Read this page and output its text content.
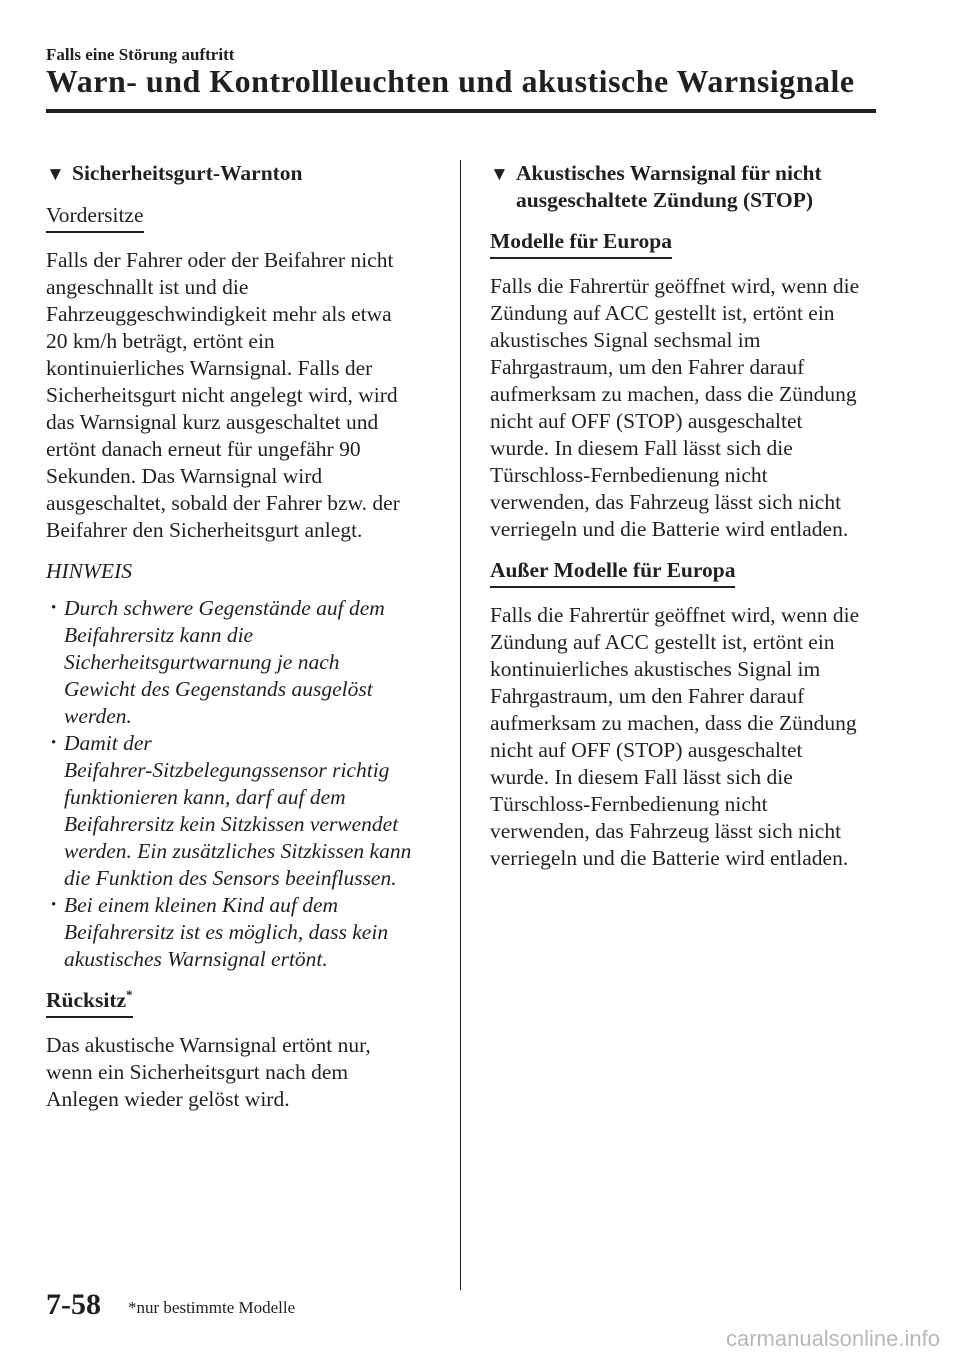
Falls eine Störung auftritt
Warn- und Kontrollleuchten und akustische Warnsignale
▼ Sicherheitsgurt-Warnton
Vordersitze
Falls der Fahrer oder der Beifahrer nicht
angeschnallt ist und die
Fahrzeuggeschwindigkeit mehr als etwa
20 km/h beträgt, ertönt ein
kontinuierliches Warnsignal. Falls der
Sicherheitsgurt nicht angelegt wird, wird
das Warnsignal kurz ausgeschaltet und
ertönt danach erneut für ungefähr 90
Sekunden. Das Warnsignal wird
ausgeschaltet, sobald der Fahrer bzw. der
Beifahrer den Sicherheitsgurt anlegt.
HINWEIS
• Durch schwere Gegenstände auf dem
Beifahrersitz kann die
Sicherheitsgurtwarnung je nach
Gewicht des Gegenstands ausgelöst
werden.
• Damit der
Beifahrer-Sitzbelegungssensor richtig
funktionieren kann, darf auf dem
Beifahrersitz kein Sitzkissen verwendet
werden. Ein zusätzliches Sitzkissen kann
die Funktion des Sensors beeinflussen.
• Bei einem kleinen Kind auf dem
Beifahrersitz ist es möglich, dass kein
akustisches Warnsignal ertönt.
Rücksitz*
Das akustische Warnsignal ertönt nur,
wenn ein Sicherheitsgurt nach dem
Anlegen wieder gelöst wird.
▼ Akustisches Warnsignal für nicht
ausgeschaltete Zündung (STOP)
Modelle für Europa
Falls die Fahrertür geöffnet wird, wenn die
Zündung auf ACC gestellt ist, ertönt ein
akustisches Signal sechsmal im
Fahrgastraum, um den Fahrer darauf
aufmerksam zu machen, dass die Zündung
nicht auf OFF (STOP) ausgeschaltet
wurde. In diesem Fall lässt sich die
Türschloss-Fernbedienung nicht
verwenden, das Fahrzeug lässt sich nicht
verriegeln und die Batterie wird entladen.
Außer Modelle für Europa
Falls die Fahrertür geöffnet wird, wenn die
Zündung auf ACC gestellt ist, ertönt ein
kontinuierliches akustisches Signal im
Fahrgastraum, um den Fahrer darauf
aufmerksam zu machen, dass die Zündung
nicht auf OFF (STOP) ausgeschaltet
wurde. In diesem Fall lässt sich die
Türschloss-Fernbedienung nicht
verwenden, das Fahrzeug lässt sich nicht
verriegeln und die Batterie wird entladen.
7-58 *nur bestimmte Modelle
carmanualsonline.info
